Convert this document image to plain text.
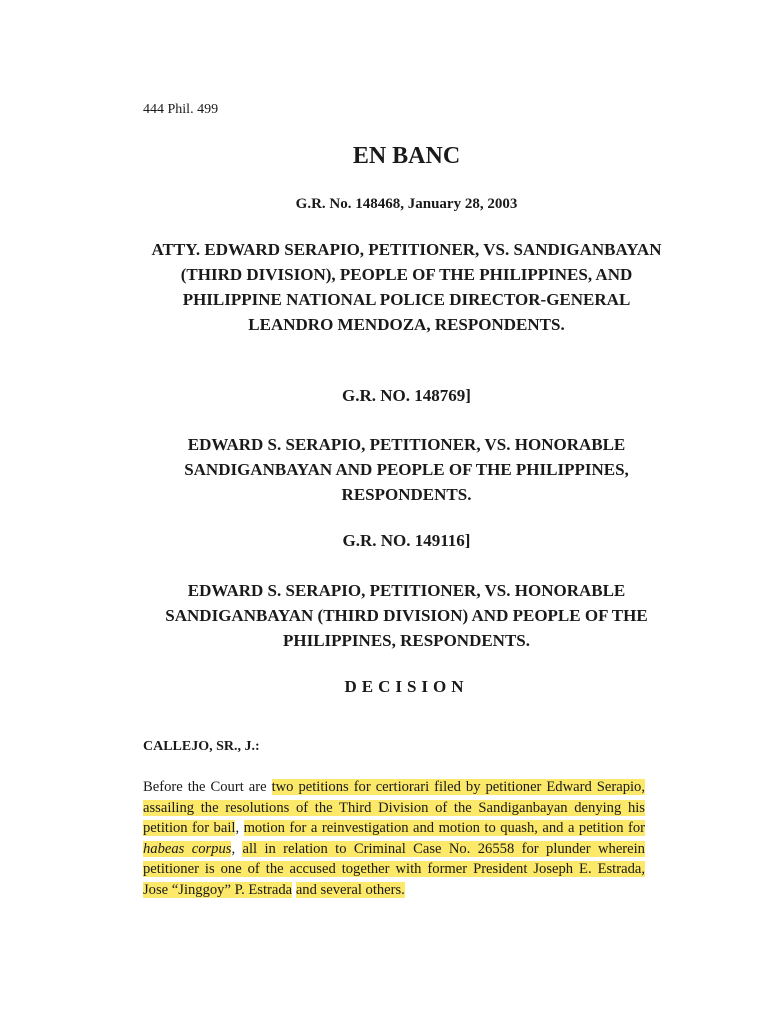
444 Phil. 499
EN BANC
G.R. No. 148468, January 28, 2003
ATTY. EDWARD SERAPIO, PETITIONER, VS. SANDIGANBAYAN (THIRD DIVISION), PEOPLE OF THE PHILIPPINES, AND PHILIPPINE NATIONAL POLICE DIRECTOR-GENERAL LEANDRO MENDOZA, RESPONDENTS.
G.R. NO. 148769]
EDWARD S. SERAPIO, PETITIONER, VS. HONORABLE SANDIGANBAYAN AND PEOPLE OF THE PHILIPPINES, RESPONDENTS.
G.R. NO. 149116]
EDWARD S. SERAPIO, PETITIONER, VS. HONORABLE SANDIGANBAYAN (THIRD DIVISION) AND PEOPLE OF THE PHILIPPINES, RESPONDENTS.
DECISION
CALLEJO, SR., J.:

Before the Court are two petitions for certiorari filed by petitioner Edward Serapio, assailing the resolutions of the Third Division of the Sandiganbayan denying his petition for bail, motion for a reinvestigation and motion to quash, and a petition for habeas corpus, all in relation to Criminal Case No. 26558 for plunder wherein petitioner is one of the accused together with former President Joseph E. Estrada, Jose “Jinggoy” P. Estrada and several others.
